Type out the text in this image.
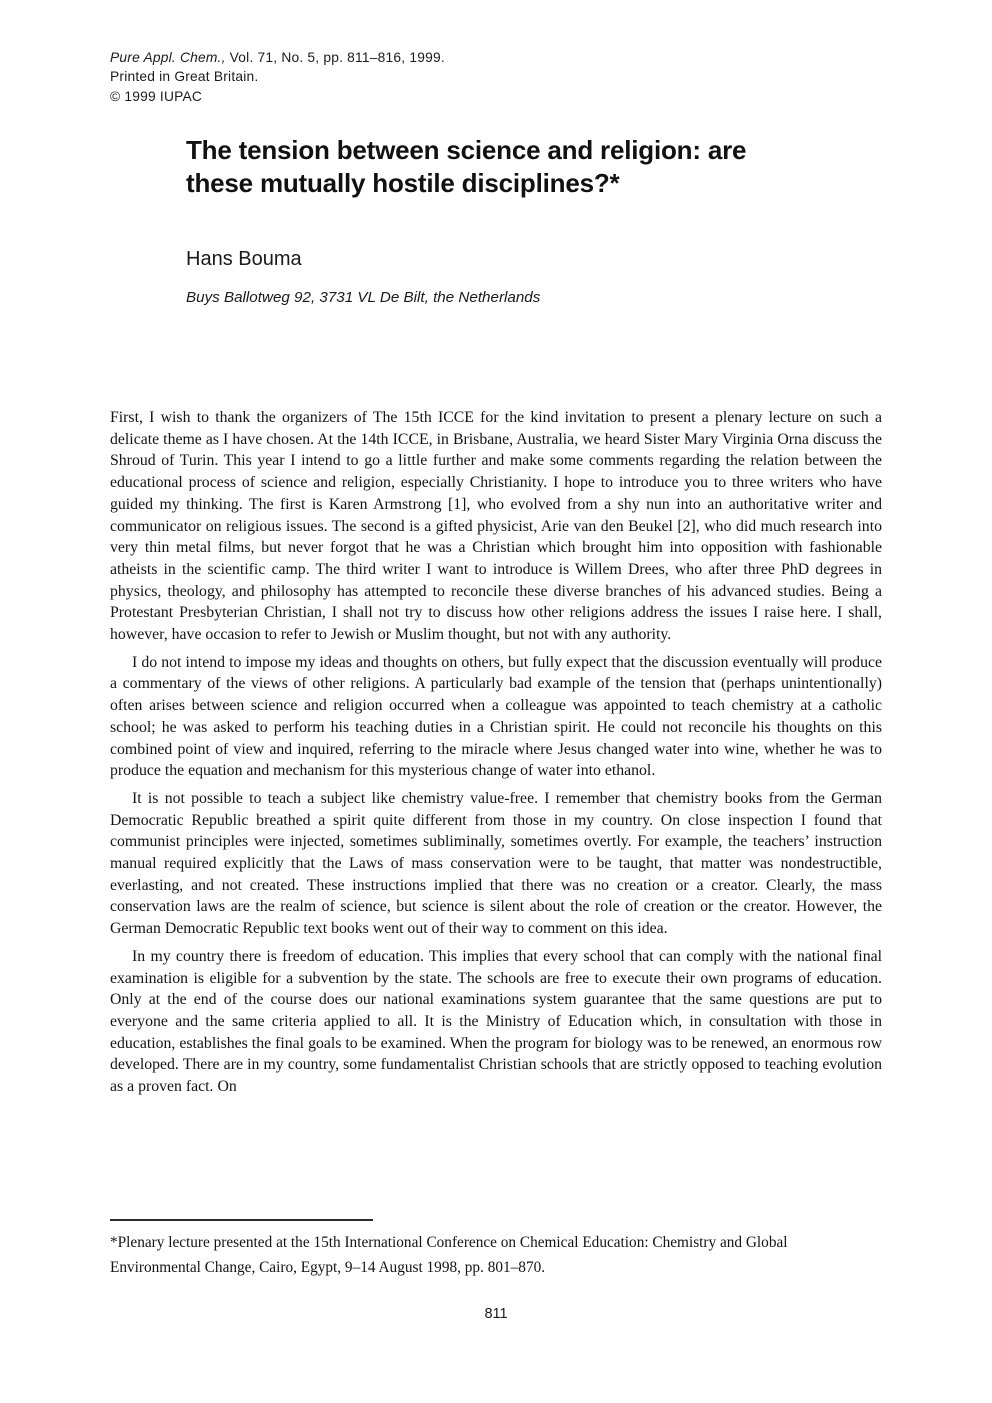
Pure Appl. Chem., Vol. 71, No. 5, pp. 811–816, 1999.
Printed in Great Britain.
© 1999 IUPAC
The tension between science and religion: are
these mutually hostile disciplines?*
Hans Bouma
Buys Ballotweg 92, 3731 VL De Bilt, the Netherlands

First, I wish to thank the organizers of The 15th ICCE for the kind invitation to present a plenary lecture on such a delicate theme as I have chosen. At the 14th ICCE, in Brisbane, Australia, we heard Sister Mary Virginia Orna discuss the Shroud of Turin. This year I intend to go a little further and make some comments regarding the relation between the educational process of science and religion, especially Christianity. I hope to introduce you to three writers who have guided my thinking. The first is Karen Armstrong [1], who evolved from a shy nun into an authoritative writer and communicator on religious issues. The second is a gifted physicist, Arie van den Beukel [2], who did much research into very thin metal films, but never forgot that he was a Christian which brought him into opposition with fashionable atheists in the scientific camp. The third writer I want to introduce is Willem Drees, who after three PhD degrees in physics, theology, and philosophy has attempted to reconcile these diverse branches of his advanced studies. Being a Protestant Presbyterian Christian, I shall not try to discuss how other religions address the issues I raise here. I shall, however, have occasion to refer to Jewish or Muslim thought, but not with any authority.

I do not intend to impose my ideas and thoughts on others, but fully expect that the discussion eventually will produce a commentary of the views of other religions. A particularly bad example of the tension that (perhaps unintentionally) often arises between science and religion occurred when a colleague was appointed to teach chemistry at a catholic school; he was asked to perform his teaching duties in a Christian spirit. He could not reconcile his thoughts on this combined point of view and inquired, referring to the miracle where Jesus changed water into wine, whether he was to produce the equation and mechanism for this mysterious change of water into ethanol.

It is not possible to teach a subject like chemistry value-free. I remember that chemistry books from the German Democratic Republic breathed a spirit quite different from those in my country. On close inspection I found that communist principles were injected, sometimes subliminally, sometimes overtly. For example, the teachers’ instruction manual required explicitly that the Laws of mass conservation were to be taught, that matter was nondestructible, everlasting, and not created. These instructions implied that there was no creation or a creator. Clearly, the mass conservation laws are the realm of science, but science is silent about the role of creation or the creator. However, the German Democratic Republic text books went out of their way to comment on this idea.

In my country there is freedom of education. This implies that every school that can comply with the national final examination is eligible for a subvention by the state. The schools are free to execute their own programs of education. Only at the end of the course does our national examinations system guarantee that the same questions are put to everyone and the same criteria applied to all. It is the Ministry of Education which, in consultation with those in education, establishes the final goals to be examined. When the program for biology was to be renewed, an enormous row developed. There are in my country, some fundamentalist Christian schools that are strictly opposed to teaching evolution as a proven fact. On

*Plenary lecture presented at the 15th International Conference on Chemical Education: Chemistry and Global Environmental Change, Cairo, Egypt, 9–14 August 1998, pp. 801–870.

811
